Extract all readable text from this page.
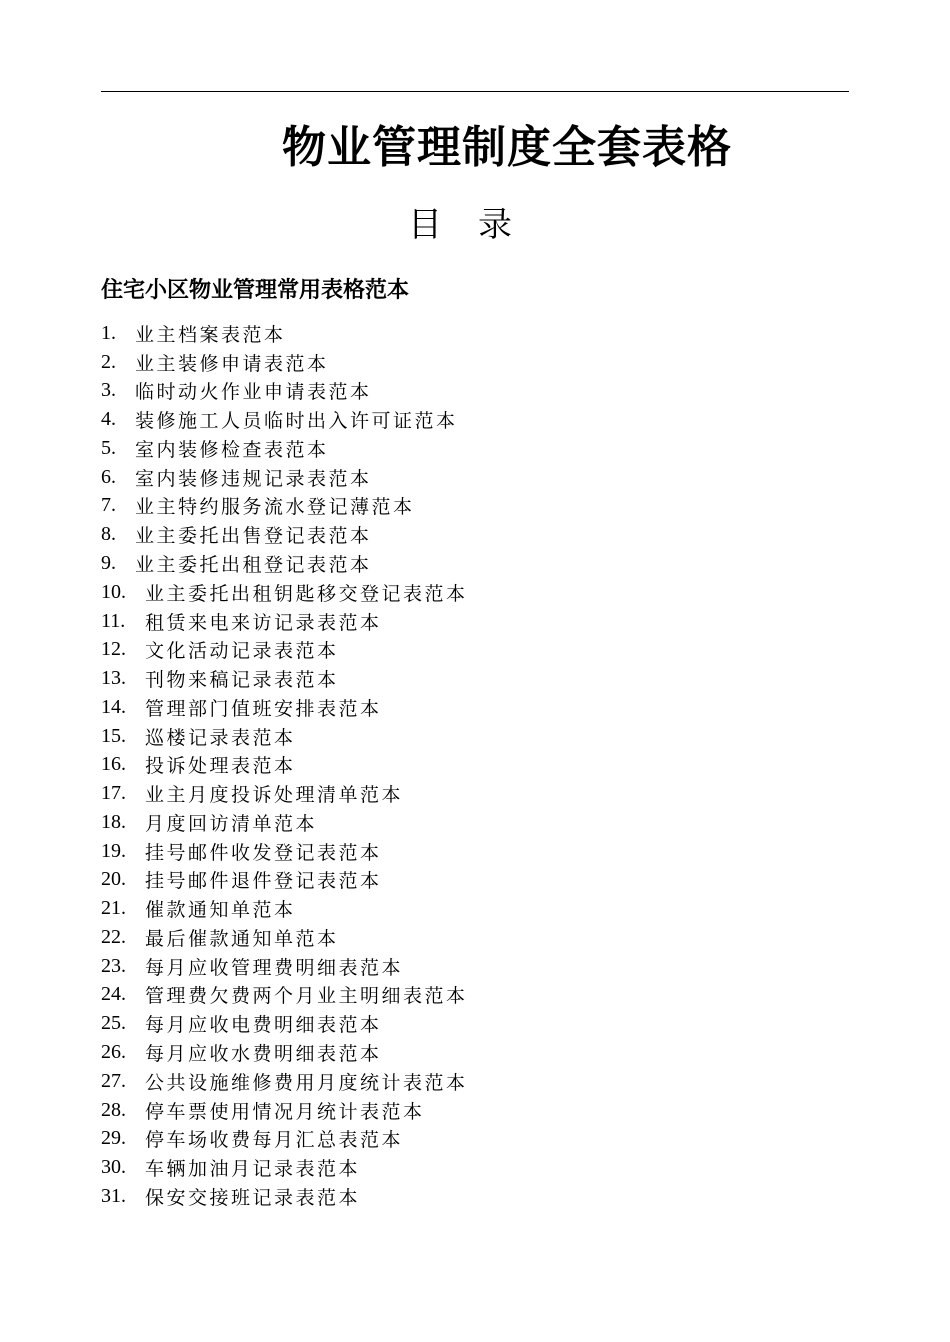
物业管理制度全套表格
目录
住宅小区物业管理常用表格范本
1.	业主档案表范本
2.	业主装修申请表范本
3.	临时动火作业申请表范本
4.	装修施工人员临时出入许可证范本
5.	室内装修检查表范本
6.	室内装修违规记录表范本
7.	业主特约服务流水登记薄范本
8.	业主委托出售登记表范本
9.	业主委托出租登记表范本
10.	业主委托出租钥匙移交登记表范本
11.	租赁来电来访记录表范本
12.	文化活动记录表范本
13.	刊物来稿记录表范本
14.	管理部门值班安排表范本
15.	巡楼记录表范本
16.	投诉处理表范本
17.	业主月度投诉处理清单范本
18.	月度回访清单范本
19.	挂号邮件收发登记表范本
20.	挂号邮件退件登记表范本
21.	催款通知单范本
22.	最后催款通知单范本
23.	每月应收管理费明细表范本
24.	管理费欠费两个月业主明细表范本
25.	每月应收电费明细表范本
26.	每月应收水费明细表范本
27.	公共设施维修费用月度统计表范本
28.	停车票使用情况月统计表范本
29.	停车场收费每月汇总表范本
30.	车辆加油月记录表范本
31.	保安交接班记录表范本
